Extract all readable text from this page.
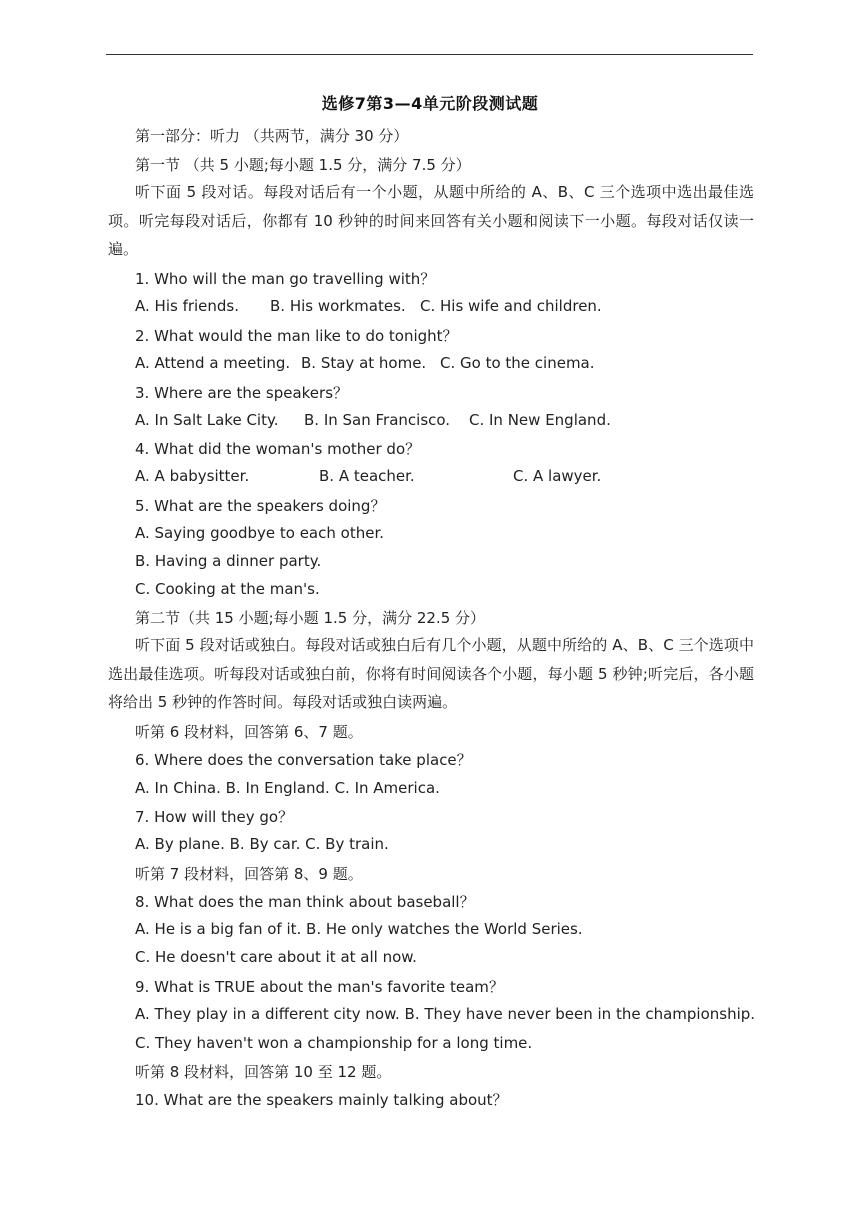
选修7第3—4单元阶段测试题
第一部分：听力 （共两节，满分 30 分）
第一节 （共 5 小题;每小题 1.5 分，满分 7.5 分）
听下面 5 段对话。每段对话后有一个小题，从题中所给的 A、B、C 三个选项中选出最佳选项。听完每段对话后，你都有 10 秒钟的时间来回答有关小题和阅读下一小题。每段对话仅读一遍。
1. Who will the man go travelling with？
A. His friends. B. His workmates. C. His wife and children.
2. What would the man like to do tonight？
A. Attend a meeting. B. Stay at home. C. Go to the cinema.
3. Where are the speakers？
A. In Salt Lake City. B. In San Francisco. C. In New England.
4. What did the woman's mother do？
A. A babysitter.	B. A teacher.	C. A lawyer.
5. What are the speakers doing？
A. Saying goodbye to each other.
B. Having a dinner party.
C. Cooking at the man's.
第二节（共 15 小题;每小题 1.5 分，满分 22.5 分）
听下面 5 段对话或独白。每段对话或独白后有几个小题，从题中所给的 A、B、C 三个选项中选出最佳选项。听每段对话或独白前，你将有时间阅读各个小题，每小题 5 秒钟;听完后，各小题将给出 5 秒钟的作答时间。每段对话或独白读两遍。
听第 6 段材料，回答第 6、7 题。
6. Where does the conversation take place？
A. In China. B. In England. C. In America.
7. How will they go？
A. By plane. B. By car. C. By train.
听第 7 段材料，回答第 8、9 题。
8. What does the man think about baseball？
A. He is a big fan of it. B. He only watches the World Series.
C. He doesn't care about it at all now.
9. What is TRUE about the man's favorite team？
A. They play in a different city now. B. They have never been in the championship.
C. They haven't won a championship for a long time.
听第 8 段材料，回答第 10 至 12 题。
10. What are the speakers mainly talking about？
